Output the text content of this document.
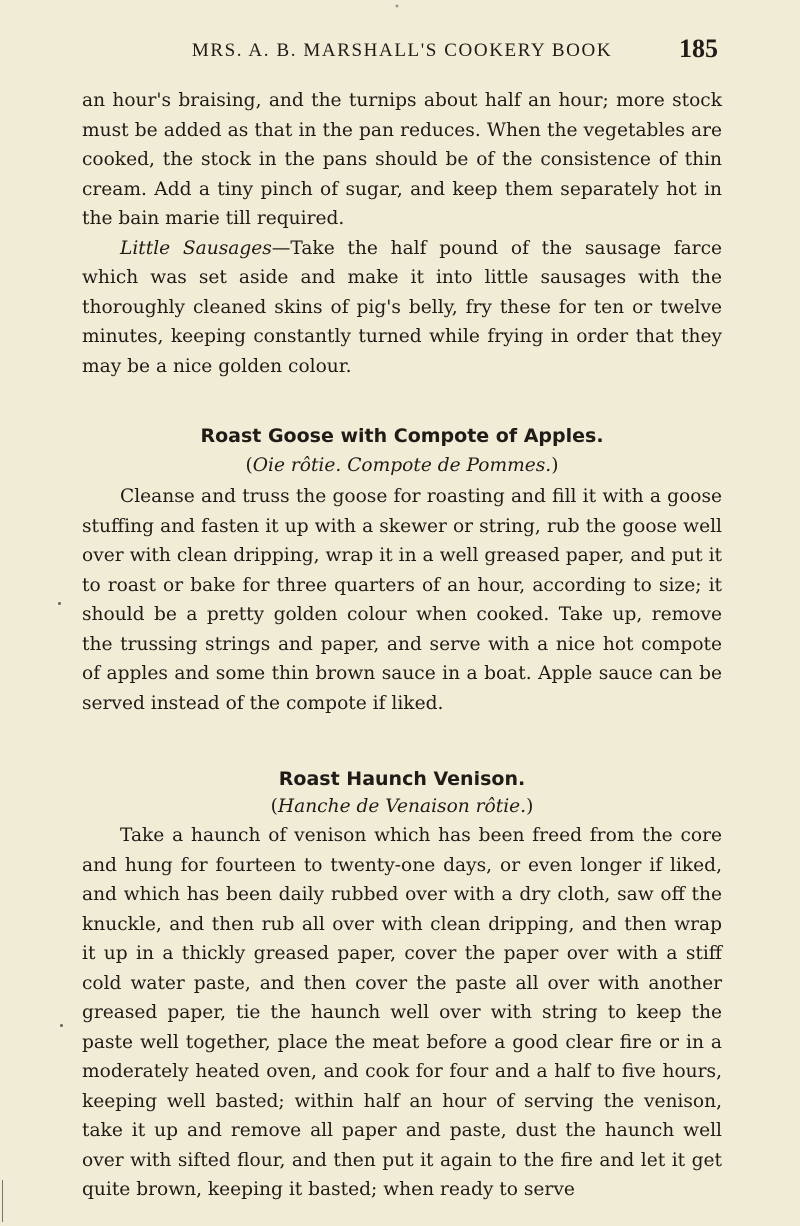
•
MRS. A. B. MARSHALL'S COOKERY BOOK	185

an hour's braising, and the turnips about half an hour; more stock must be added as that in the pan reduces. When the vegetables are cooked, the stock in the pans should be of the consistence of thin cream. Add a tiny pinch of sugar, and keep them separately hot in the bain marie till required.

Little Sausages—Take the half pound of the sausage farce which was set aside and make it into little sausages with the thoroughly cleaned skins of pig's belly, fry these for ten or twelve minutes, keeping constantly turned while frying in order that they may be a nice golden colour.

Roast Goose with Compote of Apples.

(Oie rôtie. Compote de Pommes.)

Cleanse and truss the goose for roasting and fill it with a goose stuffing and fasten it up with a skewer or string, rub the goose well over with clean dripping, wrap it in a well greased paper, and put it to roast or bake for three quarters of an hour, according to size; it should be a pretty golden colour when cooked. Take up, remove the trussing strings and paper, and serve with a nice hot compote of apples and some thin brown sauce in a boat. Apple sauce can be served instead of the compote if liked.

Roast Haunch Venison.

(Hanche de Venaison rôtie.)

Take a haunch of venison which has been freed from the core and hung for fourteen to twenty-one days, or even longer if liked, and which has been daily rubbed over with a dry cloth, saw off the knuckle, and then rub all over with clean dripping, and then wrap it up in a thickly greased paper, cover the paper over with a stiff cold water paste, and then cover the paste all over with another greased paper, tie the haunch well over with string to keep the paste well together, place the meat before a good clear fire or in a moderately heated oven, and cook for four and a half to five hours, keeping well basted; within half an hour of serving the venison, take it up and remove all paper and paste, dust the haunch well over with sifted flour, and then put it again to the fire and let it get quite brown, keeping it basted; when ready to serve
